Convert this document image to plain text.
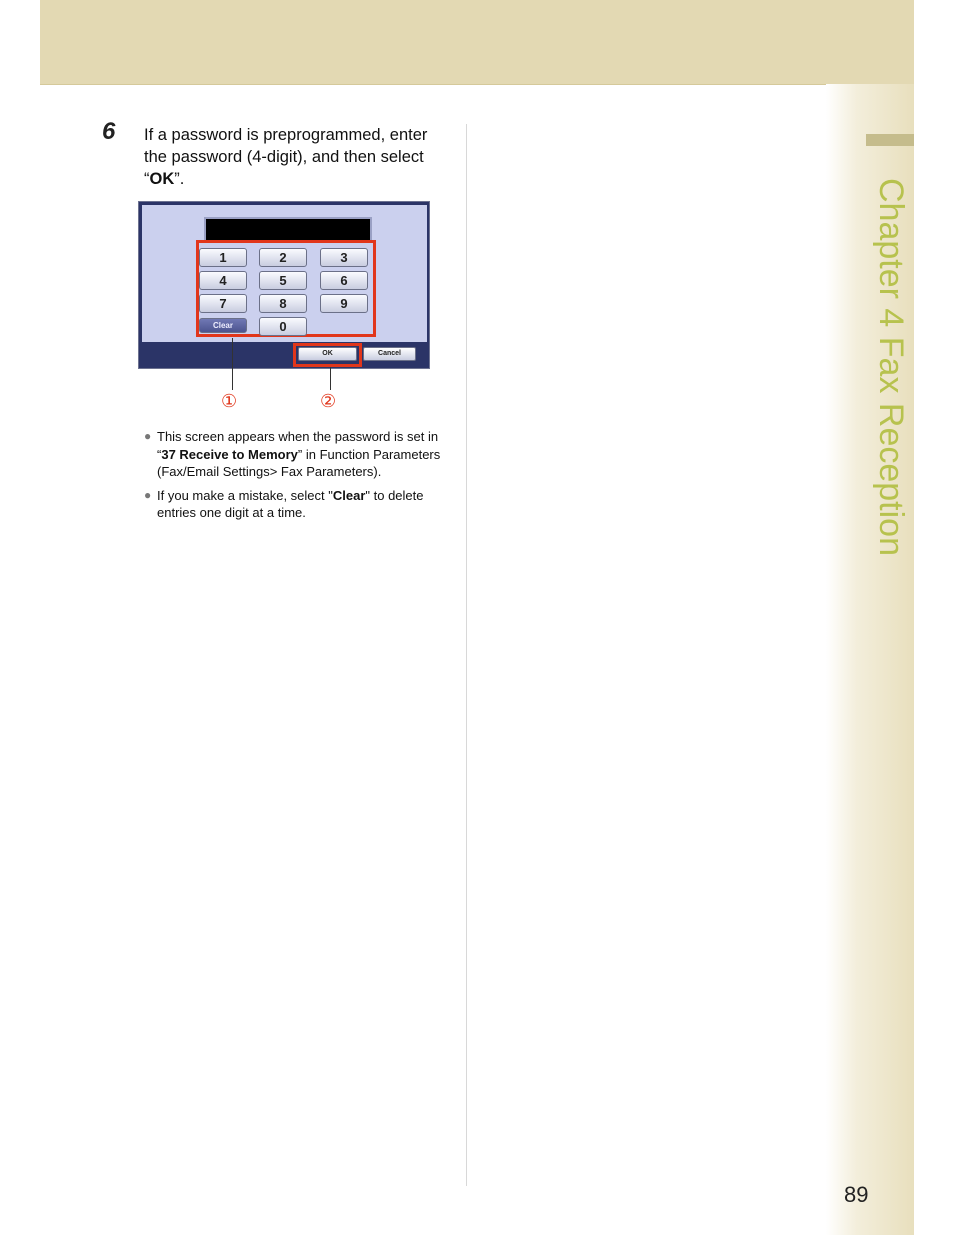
Chapter 4 Fax Reception
6 If a password is preprogrammed, enter the password (4-digit), and then select “OK”.
1	2	3
4	5	6
7	8	9
Clear	0
OK	Cancel
①	②
● This screen appears when the password is set in “37 Receive to Memory” in Function Parameters (Fax/Email Settings> Fax Parameters).
● If you make a mistake, select "Clear" to delete entries one digit at a time.
89
